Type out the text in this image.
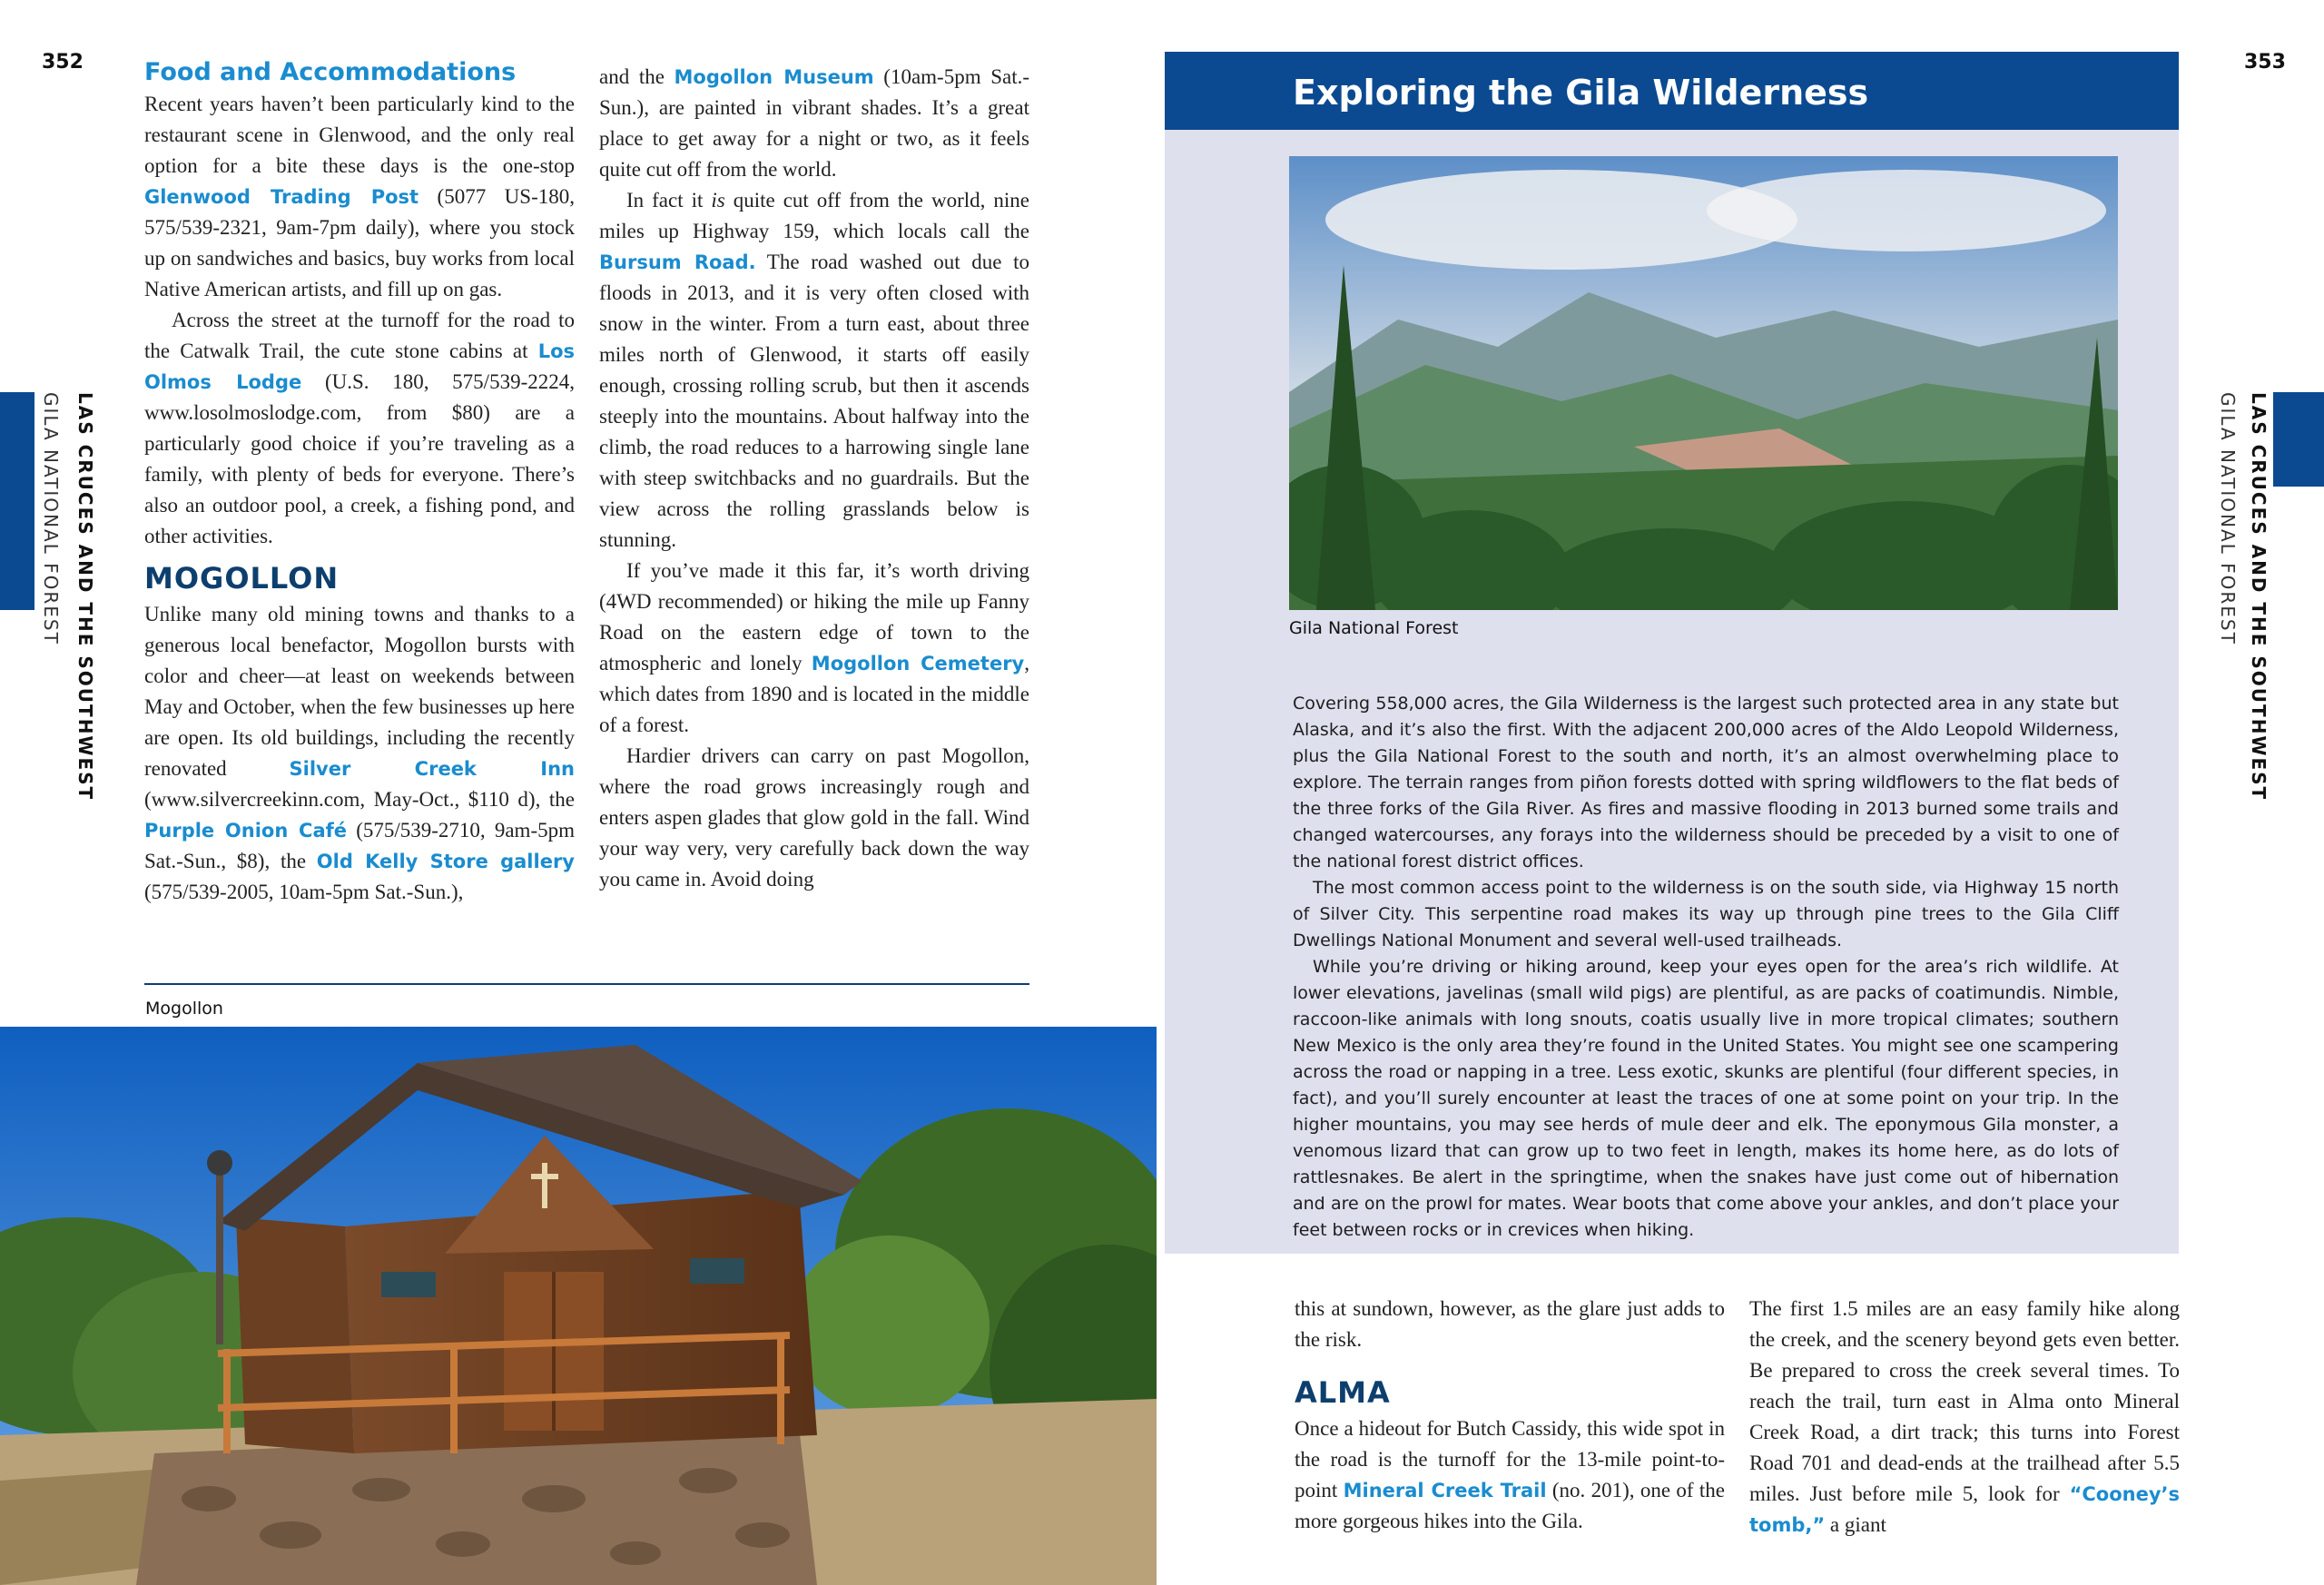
352	353
LAS CRUCES AND THE SOUTHWEST
GILA NATIONAL FOREST	LAS CRUCES AND THE SOUTHWEST
GILA NATIONAL FOREST
Food and Accommodations

Recent years haven’t been particularly kind to the restaurant scene in Glenwood, and the only real option for a bite these days is the one-stop Glenwood Trading Post (5077 US-180, 575/539-2321, 9am-7pm daily), where you stock up on sandwiches and basics, buy works from local Native American artists, and fill up on gas.

Across the street at the turnoff for the road to the Catwalk Trail, the cute stone cabins at Los Olmos Lodge (U.S. 180, 575/539-2224, www.losolmoslodge.com, from $80) are a particularly good choice if you’re traveling as a family, with plenty of beds for everyone. There’s also an outdoor pool, a creek, a fishing pond, and other activities.

MOGOLLON

Unlike many old mining towns and thanks to a generous local benefactor, Mogollon bursts with color and cheer—at least on weekends between May and October, when the few businesses up here are open. Its old buildings, including the recently renovated Silver Creek Inn (www.silvercreekinn.com, May-Oct., $110 d), the Purple Onion Café (575/539-2710, 9am-5pm Sat.-Sun., $8), the Old Kelly Store gallery (575/539-2005, 10am-5pm Sat.-Sun.),

and the Mogollon Museum (10am-5pm Sat.-Sun.), are painted in vibrant shades. It’s a great place to get away for a night or two, as it feels quite cut off from the world.

In fact it is quite cut off from the world, nine miles up Highway 159, which locals call the Bursum Road. The road washed out due to floods in 2013, and it is very often closed with snow in the winter. From a turn east, about three miles north of Glenwood, it starts off easily enough, crossing rolling scrub, but then it ascends steeply into the mountains. About halfway into the climb, the road reduces to a harrowing single lane with steep switchbacks and no guardrails. But the view across the rolling grasslands below is stunning.

If you’ve made it this far, it’s worth driving (4WD recommended) or hiking the mile up Fanny Road on the eastern edge of town to the atmospheric and lonely Mogollon Cemetery, which dates from 1890 and is located in the middle of a forest.

Hardier drivers can carry on past Mogollon, where the road grows increasingly rough and enters aspen glades that glow gold in the fall. Wind your way very, very carefully back down the way you came in. Avoid doing

Mogollon
Exploring the Gila Wilderness
Gila National Forest

Covering 558,000 acres, the Gila Wilderness is the largest such protected area in any state but Alaska, and it’s also the first. With the adjacent 200,000 acres of the Aldo Leopold Wilderness, plus the Gila National Forest to the south and north, it’s an almost overwhelming place to explore. The terrain ranges from piñon forests dotted with spring wildflowers to the flat beds of the three forks of the Gila River. As fires and massive flooding in 2013 burned some trails and changed watercourses, any forays into the wilderness should be preceded by a visit to one of the national forest district offices.

The most common access point to the wilderness is on the south side, via Highway 15 north of Silver City. This serpentine road makes its way up through pine trees to the Gila Cliff Dwellings National Monument and several well-used trailheads.

While you’re driving or hiking around, keep your eyes open for the area’s rich wildlife. At lower elevations, javelinas (small wild pigs) are plentiful, as are packs of coatimundis. Nimble, raccoon-like animals with long snouts, coatis usually live in more tropical climates; southern New Mexico is the only area they’re found in the United States. You might see one scampering across the road or napping in a tree. Less exotic, skunks are plentiful (four different species, in fact), and you’ll surely encounter at least the traces of one at some point on your trip. In the higher mountains, you may see herds of mule deer and elk. The eponymous Gila monster, a venomous lizard that can grow up to two feet in length, makes its home here, as do lots of rattlesnakes. Be alert in the springtime, when the snakes have just come out of hibernation and are on the prowl for mates. Wear boots that come above your ankles, and don’t place your feet between rocks or in crevices when hiking.

this at sundown, however, as the glare just adds to the risk.

ALMA

Once a hideout for Butch Cassidy, this wide spot in the road is the turnoff for the 13-mile point-to-point Mineral Creek Trail (no. 201), one of the more gorgeous hikes into the Gila.

The first 1.5 miles are an easy family hike along the creek, and the scenery beyond gets even better. Be prepared to cross the creek several times. To reach the trail, turn east in Alma onto Mineral Creek Road, a dirt track; this turns into Forest Road 701 and dead-ends at the trailhead after 5.5 miles. Just before mile 5, look for “Cooney’s tomb,” a giant
